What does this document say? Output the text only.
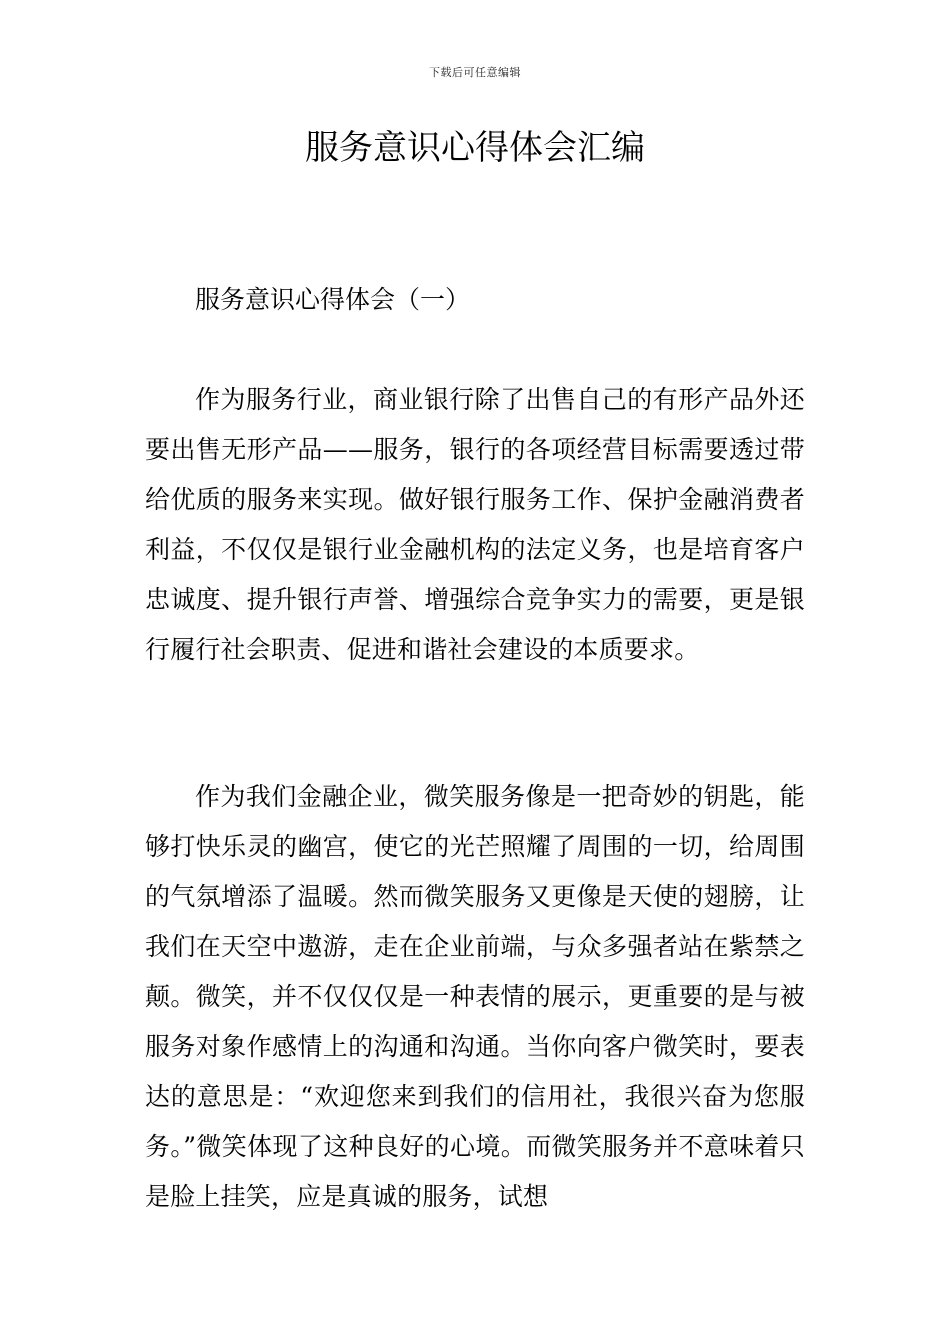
下载后可任意编辑
服务意识心得体会汇编

服务意识心得体会（一）

作为服务行业，商业银行除了出售自己的有形产品外还要出售无形产品——服务，银行的各项经营目标需要透过带给优质的服务来实现。做好银行服务工作、保护金融消费者利益，不仅仅是银行业金融机构的法定义务，也是培育客户忠诚度、提升银行声誉、增强综合竞争实力的需要，更是银行履行社会职责、促进和谐社会建设的本质要求。

作为我们金融企业，微笑服务像是一把奇妙的钥匙，能够打快乐灵的幽宫，使它的光芒照耀了周围的一切，给周围的气氛增添了温暖。然而微笑服务又更像是天使的翅膀，让我们在天空中遨游，走在企业前端，与众多强者站在紫禁之颠。微笑，并不仅仅仅是一种表情的展示，更重要的是与被服务对象作感情上的沟通和沟通。当你向客户微笑时，要表达的意思是：“欢迎您来到我们的信用社，我很兴奋为您服务。”微笑体现了这种良好的心境。而微笑服务并不意味着只是脸上挂笑，应是真诚的服务，试想
